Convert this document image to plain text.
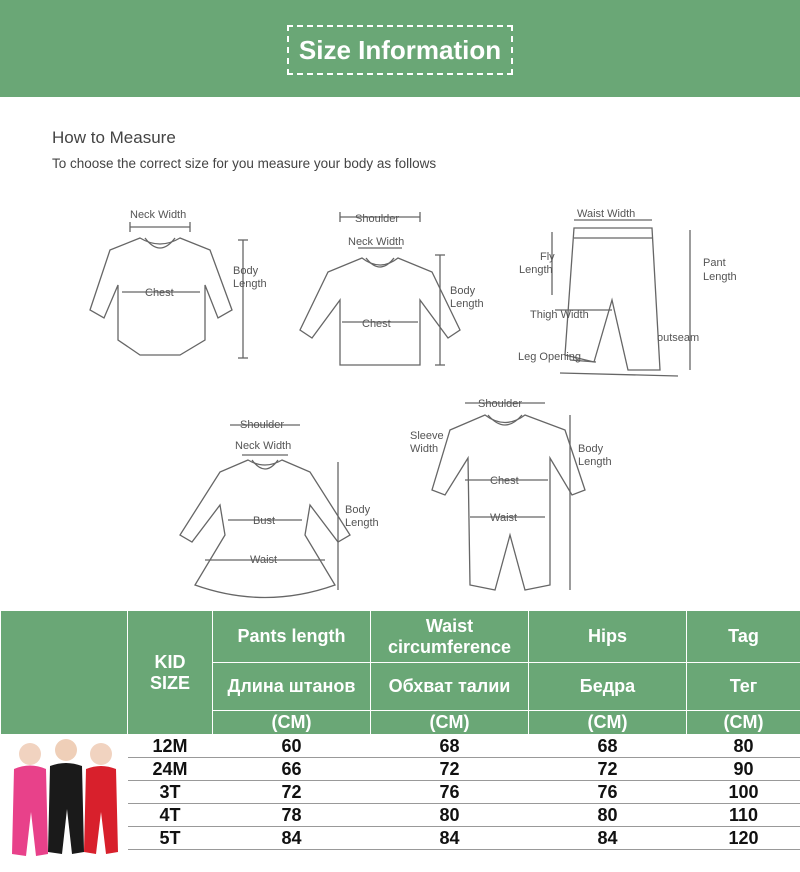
Size Information
How to Measure
To choose the correct size for you measure your body as follows
Neck Width
Chest
Body
Length
Shoulder
Neck Width
Chest
Body
Length
Waist Width
Fly
Length
Pant
Length
Thigh Width
outseam
Leg Opening
Shoulder
Neck Width
Bust
Waist
Body
Length
Shoulder
Sleeve
Width
Chest
Waist
Body
Length
	KID
SIZE	Pants length	Waist circumference	Hips	Tag
		Длина штанов	Обхват талии	Бедра	Тег
		(CM)	(CM)	(CM)	(CM)
	12M	60	68	68	80
	24M	66	72	72	90
	3T	72	76	76	100
	4T	78	80	80	110
	5T	84	84	84	120
